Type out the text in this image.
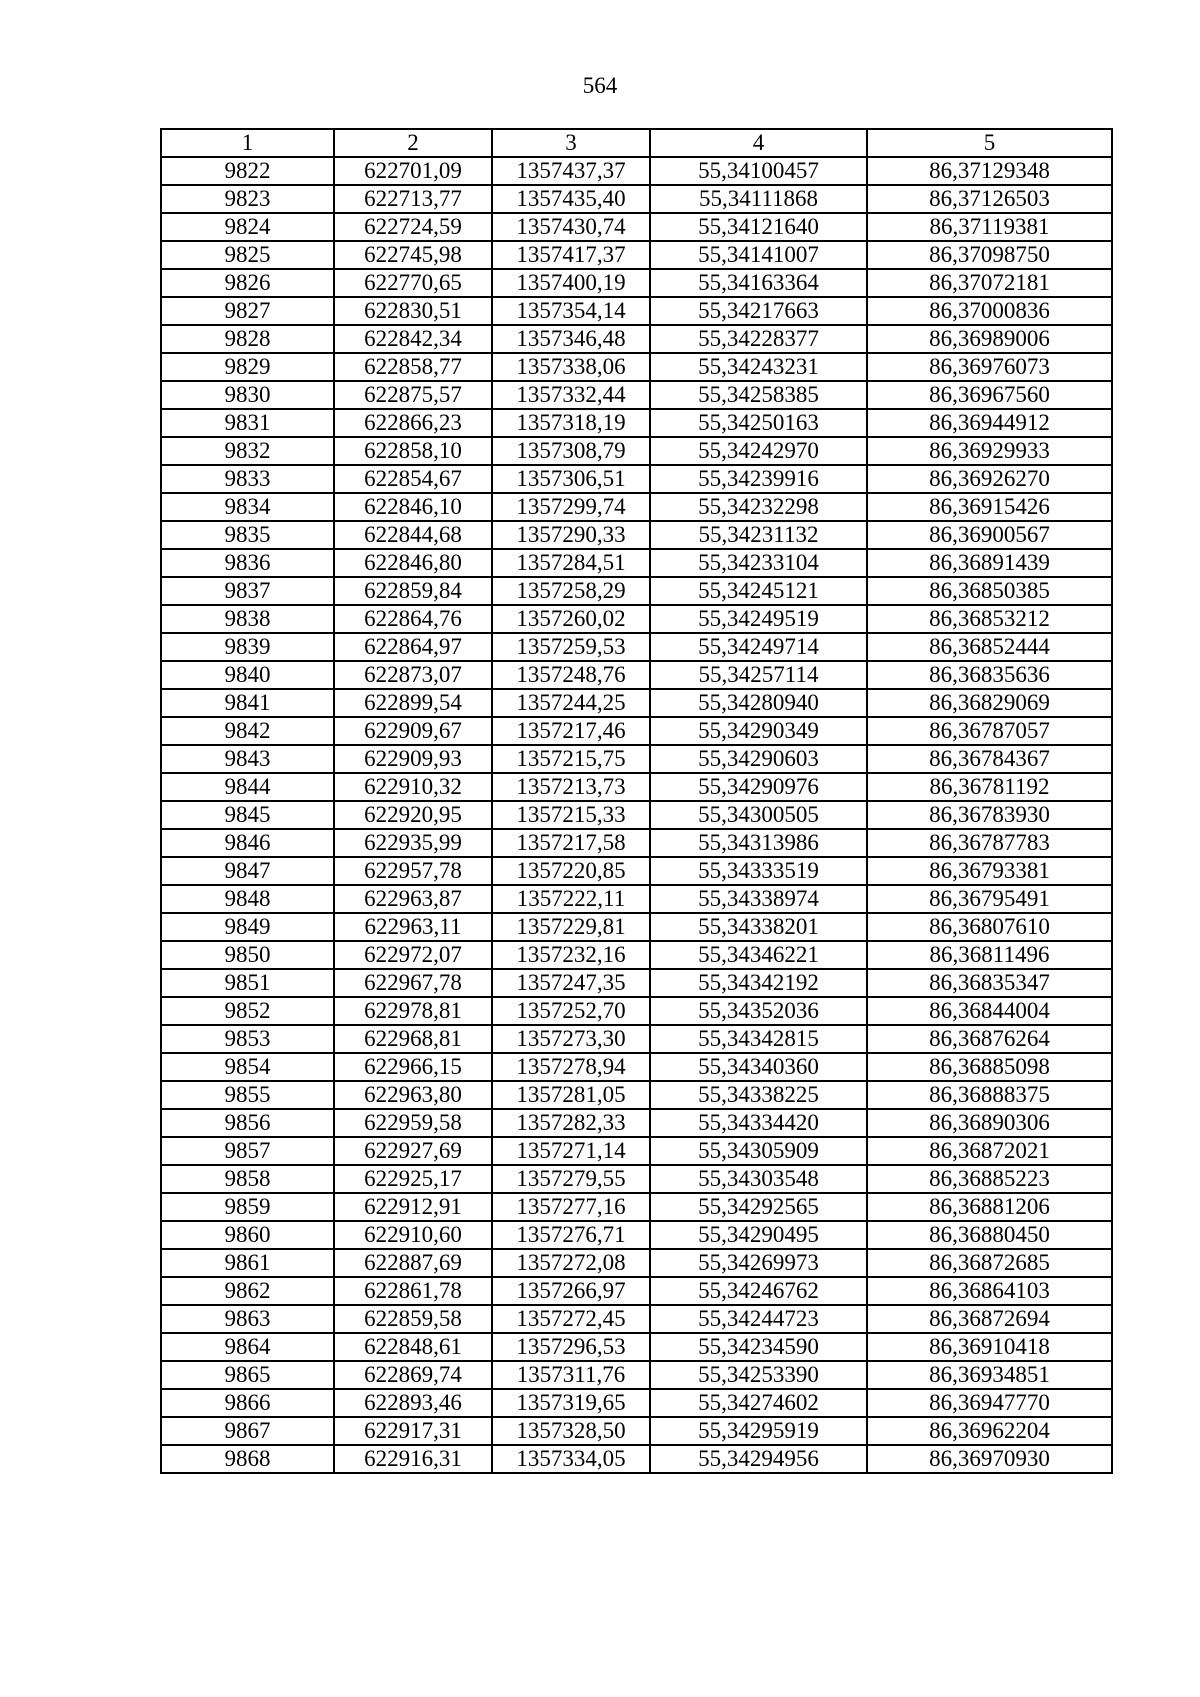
564
1	2	3	4	5
9822	622701,09	1357437,37	55,34100457	86,37129348
9823	622713,77	1357435,40	55,34111868	86,37126503
9824	622724,59	1357430,74	55,34121640	86,37119381
9825	622745,98	1357417,37	55,34141007	86,37098750
9826	622770,65	1357400,19	55,34163364	86,37072181
9827	622830,51	1357354,14	55,34217663	86,37000836
9828	622842,34	1357346,48	55,34228377	86,36989006
9829	622858,77	1357338,06	55,34243231	86,36976073
9830	622875,57	1357332,44	55,34258385	86,36967560
9831	622866,23	1357318,19	55,34250163	86,36944912
9832	622858,10	1357308,79	55,34242970	86,36929933
9833	622854,67	1357306,51	55,34239916	86,36926270
9834	622846,10	1357299,74	55,34232298	86,36915426
9835	622844,68	1357290,33	55,34231132	86,36900567
9836	622846,80	1357284,51	55,34233104	86,36891439
9837	622859,84	1357258,29	55,34245121	86,36850385
9838	622864,76	1357260,02	55,34249519	86,36853212
9839	622864,97	1357259,53	55,34249714	86,36852444
9840	622873,07	1357248,76	55,34257114	86,36835636
9841	622899,54	1357244,25	55,34280940	86,36829069
9842	622909,67	1357217,46	55,34290349	86,36787057
9843	622909,93	1357215,75	55,34290603	86,36784367
9844	622910,32	1357213,73	55,34290976	86,36781192
9845	622920,95	1357215,33	55,34300505	86,36783930
9846	622935,99	1357217,58	55,34313986	86,36787783
9847	622957,78	1357220,85	55,34333519	86,36793381
9848	622963,87	1357222,11	55,34338974	86,36795491
9849	622963,11	1357229,81	55,34338201	86,36807610
9850	622972,07	1357232,16	55,34346221	86,36811496
9851	622967,78	1357247,35	55,34342192	86,36835347
9852	622978,81	1357252,70	55,34352036	86,36844004
9853	622968,81	1357273,30	55,34342815	86,36876264
9854	622966,15	1357278,94	55,34340360	86,36885098
9855	622963,80	1357281,05	55,34338225	86,36888375
9856	622959,58	1357282,33	55,34334420	86,36890306
9857	622927,69	1357271,14	55,34305909	86,36872021
9858	622925,17	1357279,55	55,34303548	86,36885223
9859	622912,91	1357277,16	55,34292565	86,36881206
9860	622910,60	1357276,71	55,34290495	86,36880450
9861	622887,69	1357272,08	55,34269973	86,36872685
9862	622861,78	1357266,97	55,34246762	86,36864103
9863	622859,58	1357272,45	55,34244723	86,36872694
9864	622848,61	1357296,53	55,34234590	86,36910418
9865	622869,74	1357311,76	55,34253390	86,36934851
9866	622893,46	1357319,65	55,34274602	86,36947770
9867	622917,31	1357328,50	55,34295919	86,36962204
9868	622916,31	1357334,05	55,34294956	86,36970930
